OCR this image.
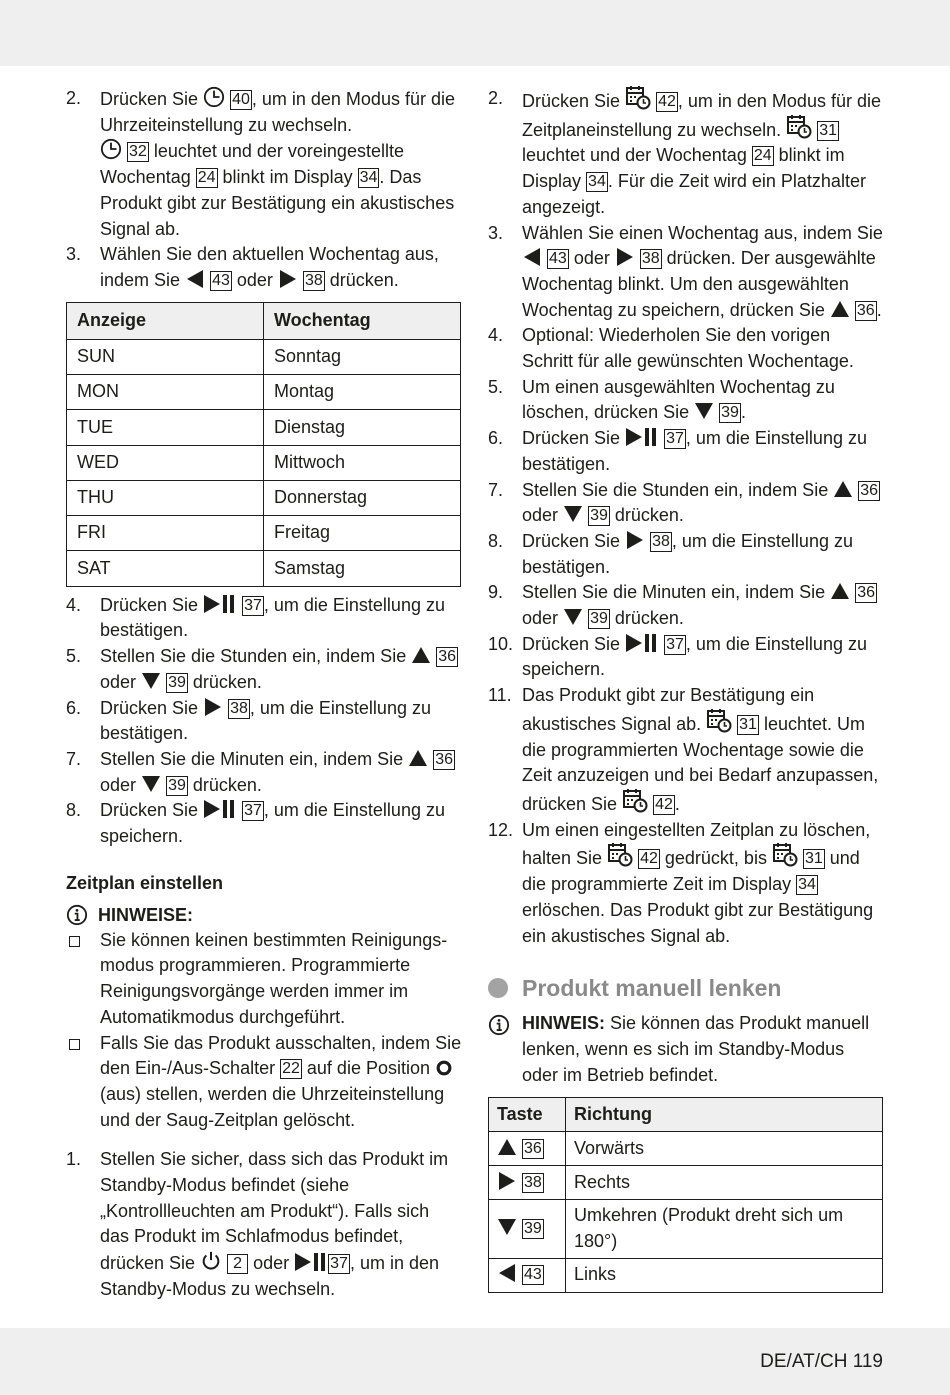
2.	Drücken Sie 40 , um in den Modus für die Uhrzeiteinstellung zu wechseln.

32 leuchtet und der voreingestellte Wochentag 24 blinkt im Display 34 . Das Produkt gibt zur Bestätigung ein akustisches Signal ab.
3.	Wählen Sie den aktuellen Wochentag aus, indem Sie 43 oder 38 drücken.
Anzeige	Wochentag
SUN	Sonntag
MON	Montag
TUE	Dienstag
WED	Mittwoch
THU	Donnerstag
FRI	Freitag
SAT	Samstag
4.	Drücken Sie	37 , um die Einstellung zu bestätigen.
5.	Stellen Sie die Stunden ein, indem Sie 36 oder 39 drücken.
6.	Drücken Sie 38 , um die Einstellung zu bestätigen.
7.	Stellen Sie die Minuten ein, indem Sie 36 oder 39 drücken.
8.	Drücken Sie	37 , um die Einstellung zu speichern.
Zeitplan einstellen
HINWEISE:
Sie können keinen bestimmten Reinigungsmodus programmieren. Programmierte Reinigungsvorgänge werden immer im Automatikmodus durchgeführt.
Falls Sie das Produkt ausschalten, indem Sie den Ein-/Aus-Schalter 22 auf die Position
(aus) stellen, werden die Uhrzeiteinstellung und der Saug-Zeitplan gelöscht.
1.	Stellen Sie sicher, dass sich das Produkt im Standby-Modus befindet (siehe „Kontrollleuchten am Produkt“). Falls sich das Produkt im Schlafmodus befindet, drücken Sie 2 oder	37 , um in den Standby-Modus zu wechseln.
2.	Drücken Sie 42 , um in den Modus für die Zeitplaneinstellung zu wechseln. 31 leuchtet und der Wochentag 24 blinkt im Display 34 . Für die Zeit wird ein Platzhalter angezeigt.
3.	Wählen Sie einen Wochentag aus, indem Sie
43 oder 38 drücken. Der ausgewählte Wochentag blinkt. Um den ausgewählten Wochentag zu speichern, drücken Sie 36 .
4.	Optional: Wiederholen Sie den vorigen Schritt für alle gewünschten Wochentage.
5.	Um einen ausgewählten Wochentag zu löschen, drücken Sie 39 .
6.	Drücken Sie	37 , um die Einstellung zu bestätigen.
7.	Stellen Sie die Stunden ein, indem Sie 36 oder 39 drücken.
8.	Drücken Sie 38 , um die Einstellung zu bestätigen.
9.	Stellen Sie die Minuten ein, indem Sie 36 oder 39 drücken.
10. Drücken Sie	37 , um die Einstellung zu speichern.
11. Das Produkt gibt zur Bestätigung ein akustisches Signal ab. 31 leuchtet. Um die programmierten Wochentage sowie die Zeit anzuzeigen und bei Bedarf anzupassen, drücken Sie 42 .
12. Um einen eingestellten Zeitplan zu löschen, halten Sie 42 gedrückt, bis 31 und die programmierte Zeit im Display 34 erlöschen. Das Produkt gibt zur Bestätigung ein akustisches Signal ab.
Produkt manuell lenken
HINWEIS: Sie können das Produkt manuell lenken, wenn es sich im Standby-Modus oder im Betrieb befindet.
Taste	Richtung

36	Vorwärts

38	Rechts

39	Umkehren (Produkt dreht sich um 180°)

43	Links
DE/AT/CH 119
